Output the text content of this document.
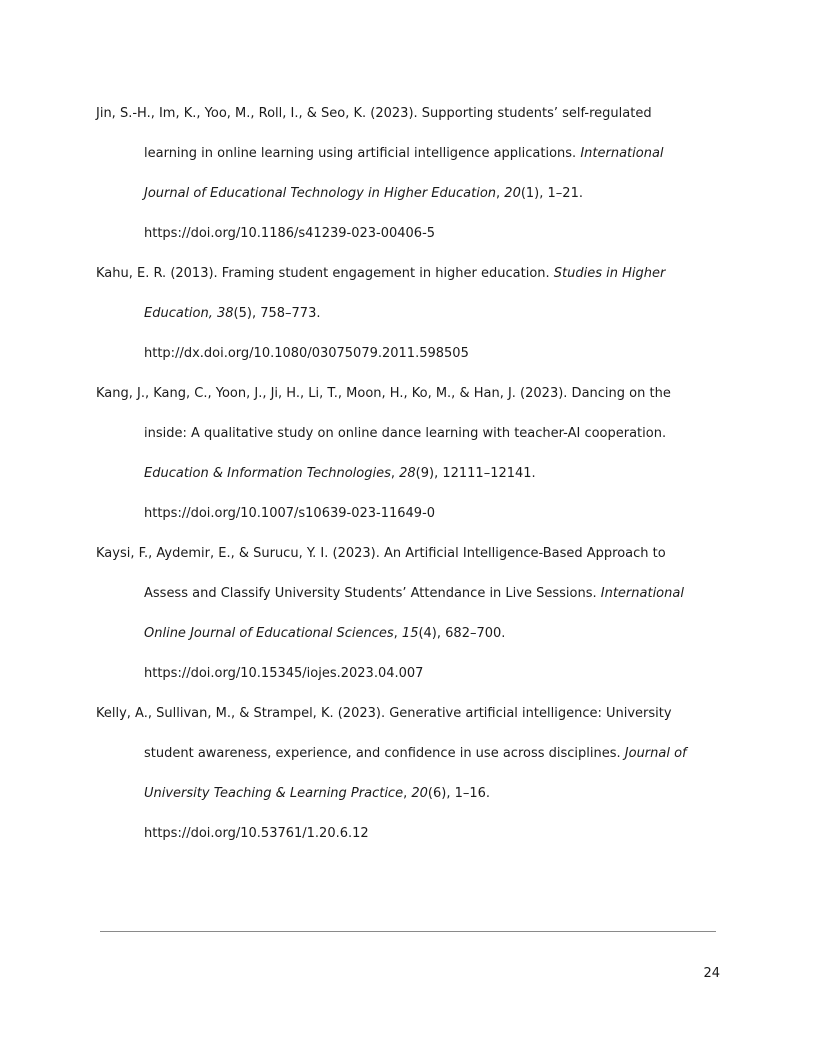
Jin, S.-H., Im, K., Yoo, M., Roll, I., & Seo, K. (2023). Supporting students’ self-regulated
learning in online learning using artificial intelligence applications. International
Journal of Educational Technology in Higher Education, 20(1), 1–21.
https://doi.org/10.1186/s41239-023-00406-5
Kahu, E. R. (2013). Framing student engagement in higher education. Studies in Higher
Education, 38(5), 758–773.
http://dx.doi.org/10.1080/03075079.2011.598505
Kang, J., Kang, C., Yoon, J., Ji, H., Li, T., Moon, H., Ko, M., & Han, J. (2023). Dancing on the
inside: A qualitative study on online dance learning with teacher-AI cooperation.
Education & Information Technologies, 28(9), 12111–12141.
https://doi.org/10.1007/s10639-023-11649-0
Kaysi, F., Aydemir, E., & Surucu, Y. I. (2023). An Artificial Intelligence-Based Approach to
Assess and Classify University Students’ Attendance in Live Sessions. International
Online Journal of Educational Sciences, 15(4), 682–700.
https://doi.org/10.15345/iojes.2023.04.007
Kelly, A., Sullivan, M., & Strampel, K. (2023). Generative artificial intelligence: University
student awareness, experience, and confidence in use across disciplines. Journal of
University Teaching & Learning Practice, 20(6), 1–16.
https://doi.org/10.53761/1.20.6.12
24
